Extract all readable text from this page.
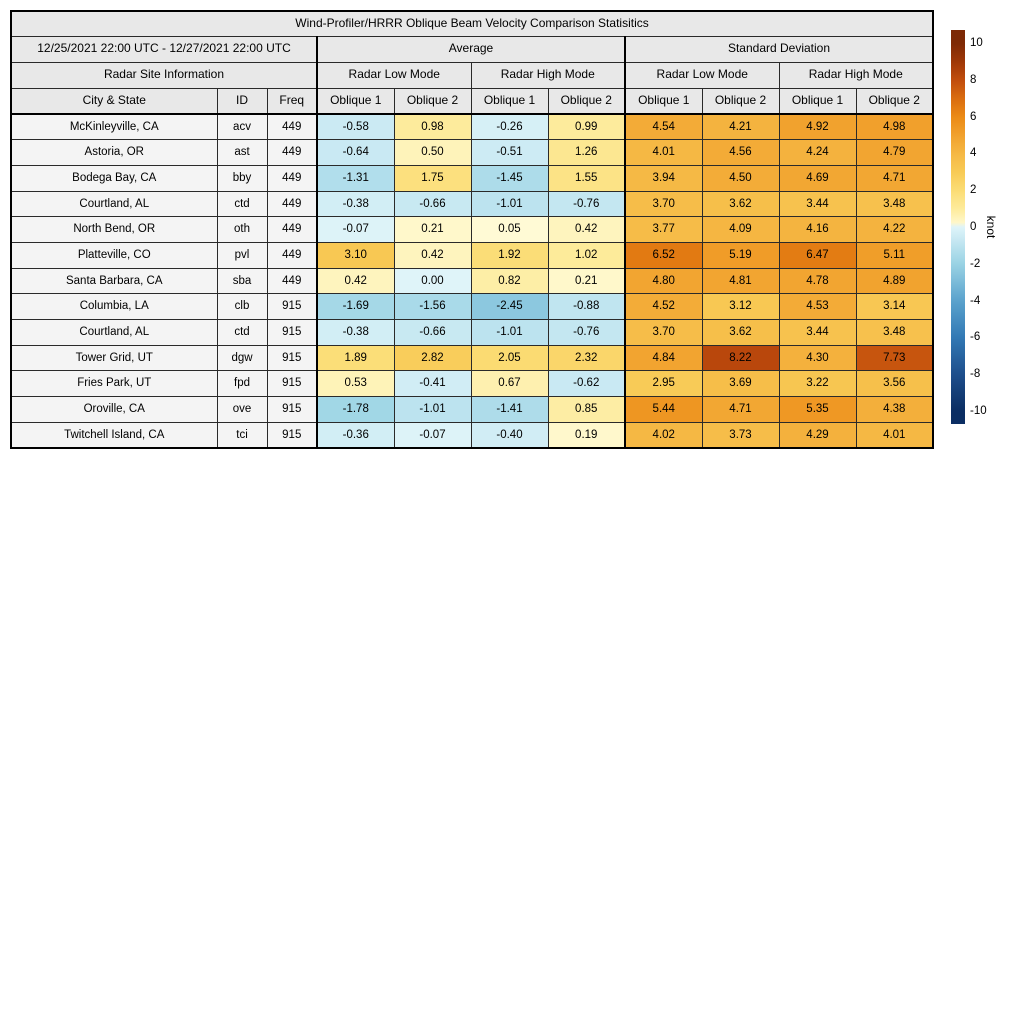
Wind-Profiler/HRRR Oblique Beam Velocity Comparison Statisitics										
12/25/2021 22:00 UTC - 12/27/2021 22:00 UTC			Average				Standard Deviation			
Radar Site Information			Radar Low Mode		Radar High Mode		Radar Low Mode		Radar High Mode	
City & State	ID	Freq	Oblique 1	Oblique 2	Oblique 1	Oblique 2	Oblique 1	Oblique 2	Oblique 1	Oblique 2
McKinleyville, CA	acv	449	-0.58	0.98	-0.26	0.99	4.54	4.21	4.92	4.98
Astoria, OR	ast	449	-0.64	0.50	-0.51	1.26	4.01	4.56	4.24	4.79
Bodega Bay, CA	bby	449	-1.31	1.75	-1.45	1.55	3.94	4.50	4.69	4.71
Courtland, AL	ctd	449	-0.38	-0.66	-1.01	-0.76	3.70	3.62	3.44	3.48
North Bend, OR	oth	449	-0.07	0.21	0.05	0.42	3.77	4.09	4.16	4.22
Platteville, CO	pvl	449	3.10	0.42	1.92	1.02	6.52	5.19	6.47	5.11
Santa Barbara, CA	sba	449	0.42	0.00	0.82	0.21	4.80	4.81	4.78	4.89
Columbia, LA	clb	915	-1.69	-1.56	-2.45	-0.88	4.52	3.12	4.53	3.14
Courtland, AL	ctd	915	-0.38	-0.66	-1.01	-0.76	3.70	3.62	3.44	3.48
Tower Grid, UT	dgw	915	1.89	2.82	2.05	2.32	4.84	8.22	4.30	7.73
Fries Park, UT	fpd	915	0.53	-0.41	0.67	-0.62	2.95	3.69	3.22	3.56
Oroville, CA	ove	915	-1.78	-1.01	-1.41	0.85	5.44	4.71	5.35	4.38
Twitchell Island, CA	tci	915	-0.36	-0.07	-0.40	0.19	4.02	3.73	4.29	4.01
10
8
6
4
2
0
-2
-4
-6
-8
-10
knot
